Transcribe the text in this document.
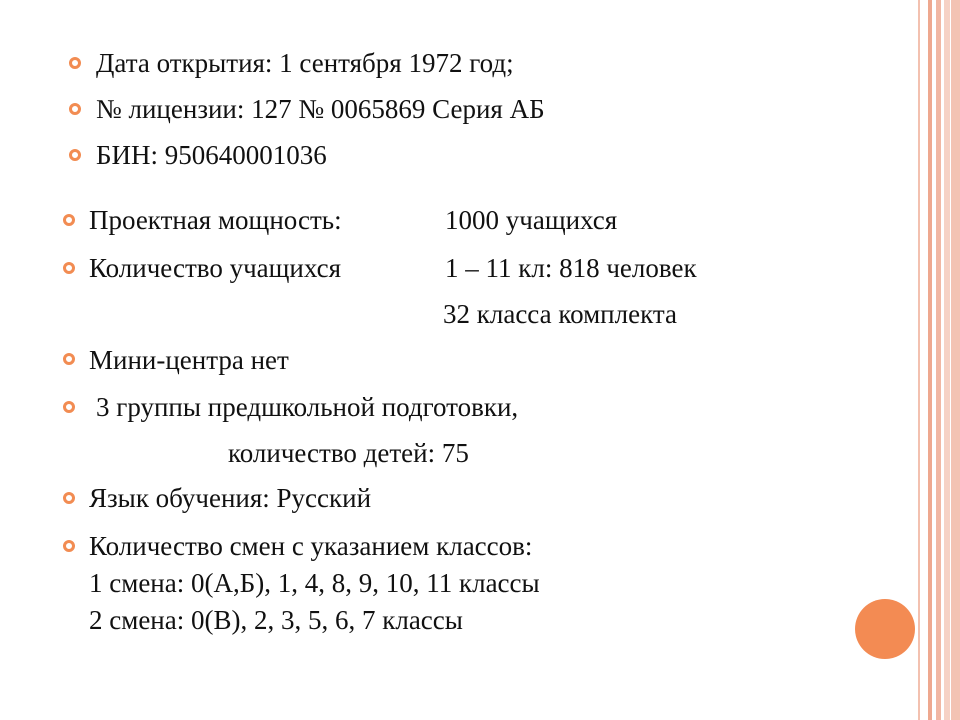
Дата открытия: 1 сентября 1972 год;
№ лицензии: 127 № 0065869 Серия АБ
БИН: 950640001036
Проектная мощность:	1000 учащихся
Количество учащихся	1 – 11 кл: 818 человек
32 класса комплекта
Мини-центра нет
3 группы предшкольной подготовки,
количество детей: 75
Язык обучения: Русский
Количество смен с указанием классов:
1 смена: 0(А,Б), 1, 4, 8, 9, 10, 11 классы
2 смена: 0(В), 2, 3, 5, 6, 7 классы
